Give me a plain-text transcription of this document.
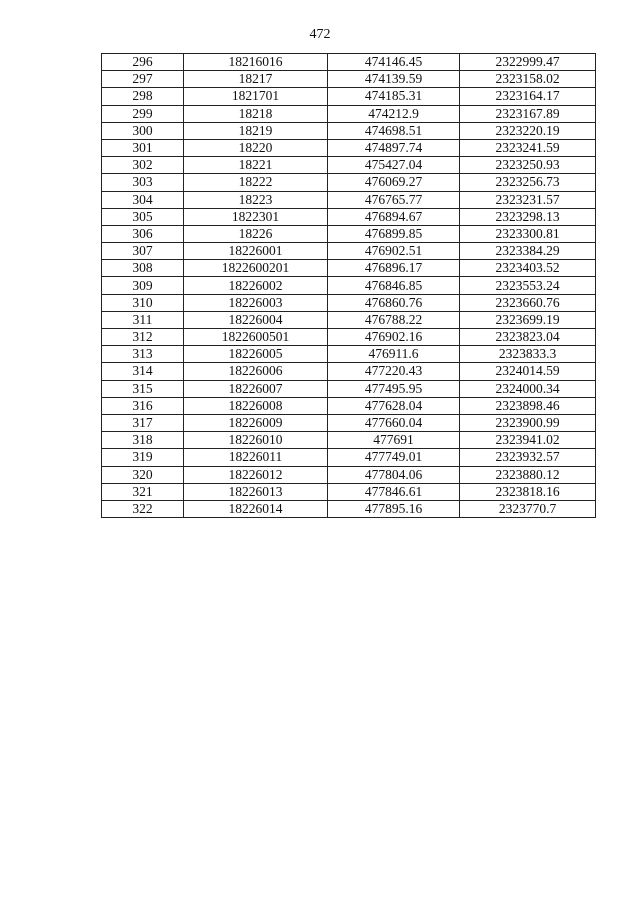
472
296	18216016	474146.45	2322999.47
297	18217	474139.59	2323158.02
298	1821701	474185.31	2323164.17
299	18218	474212.9	2323167.89
300	18219	474698.51	2323220.19
301	18220	474897.74	2323241.59
302	18221	475427.04	2323250.93
303	18222	476069.27	2323256.73
304	18223	476765.77	2323231.57
305	1822301	476894.67	2323298.13
306	18226	476899.85	2323300.81
307	18226001	476902.51	2323384.29
308	1822600201	476896.17	2323403.52
309	18226002	476846.85	2323553.24
310	18226003	476860.76	2323660.76
311	18226004	476788.22	2323699.19
312	1822600501	476902.16	2323823.04
313	18226005	476911.6	2323833.3
314	18226006	477220.43	2324014.59
315	18226007	477495.95	2324000.34
316	18226008	477628.04	2323898.46
317	18226009	477660.04	2323900.99
318	18226010	477691	2323941.02
319	18226011	477749.01	2323932.57
320	18226012	477804.06	2323880.12
321	18226013	477846.61	2323818.16
322	18226014	477895.16	2323770.7
